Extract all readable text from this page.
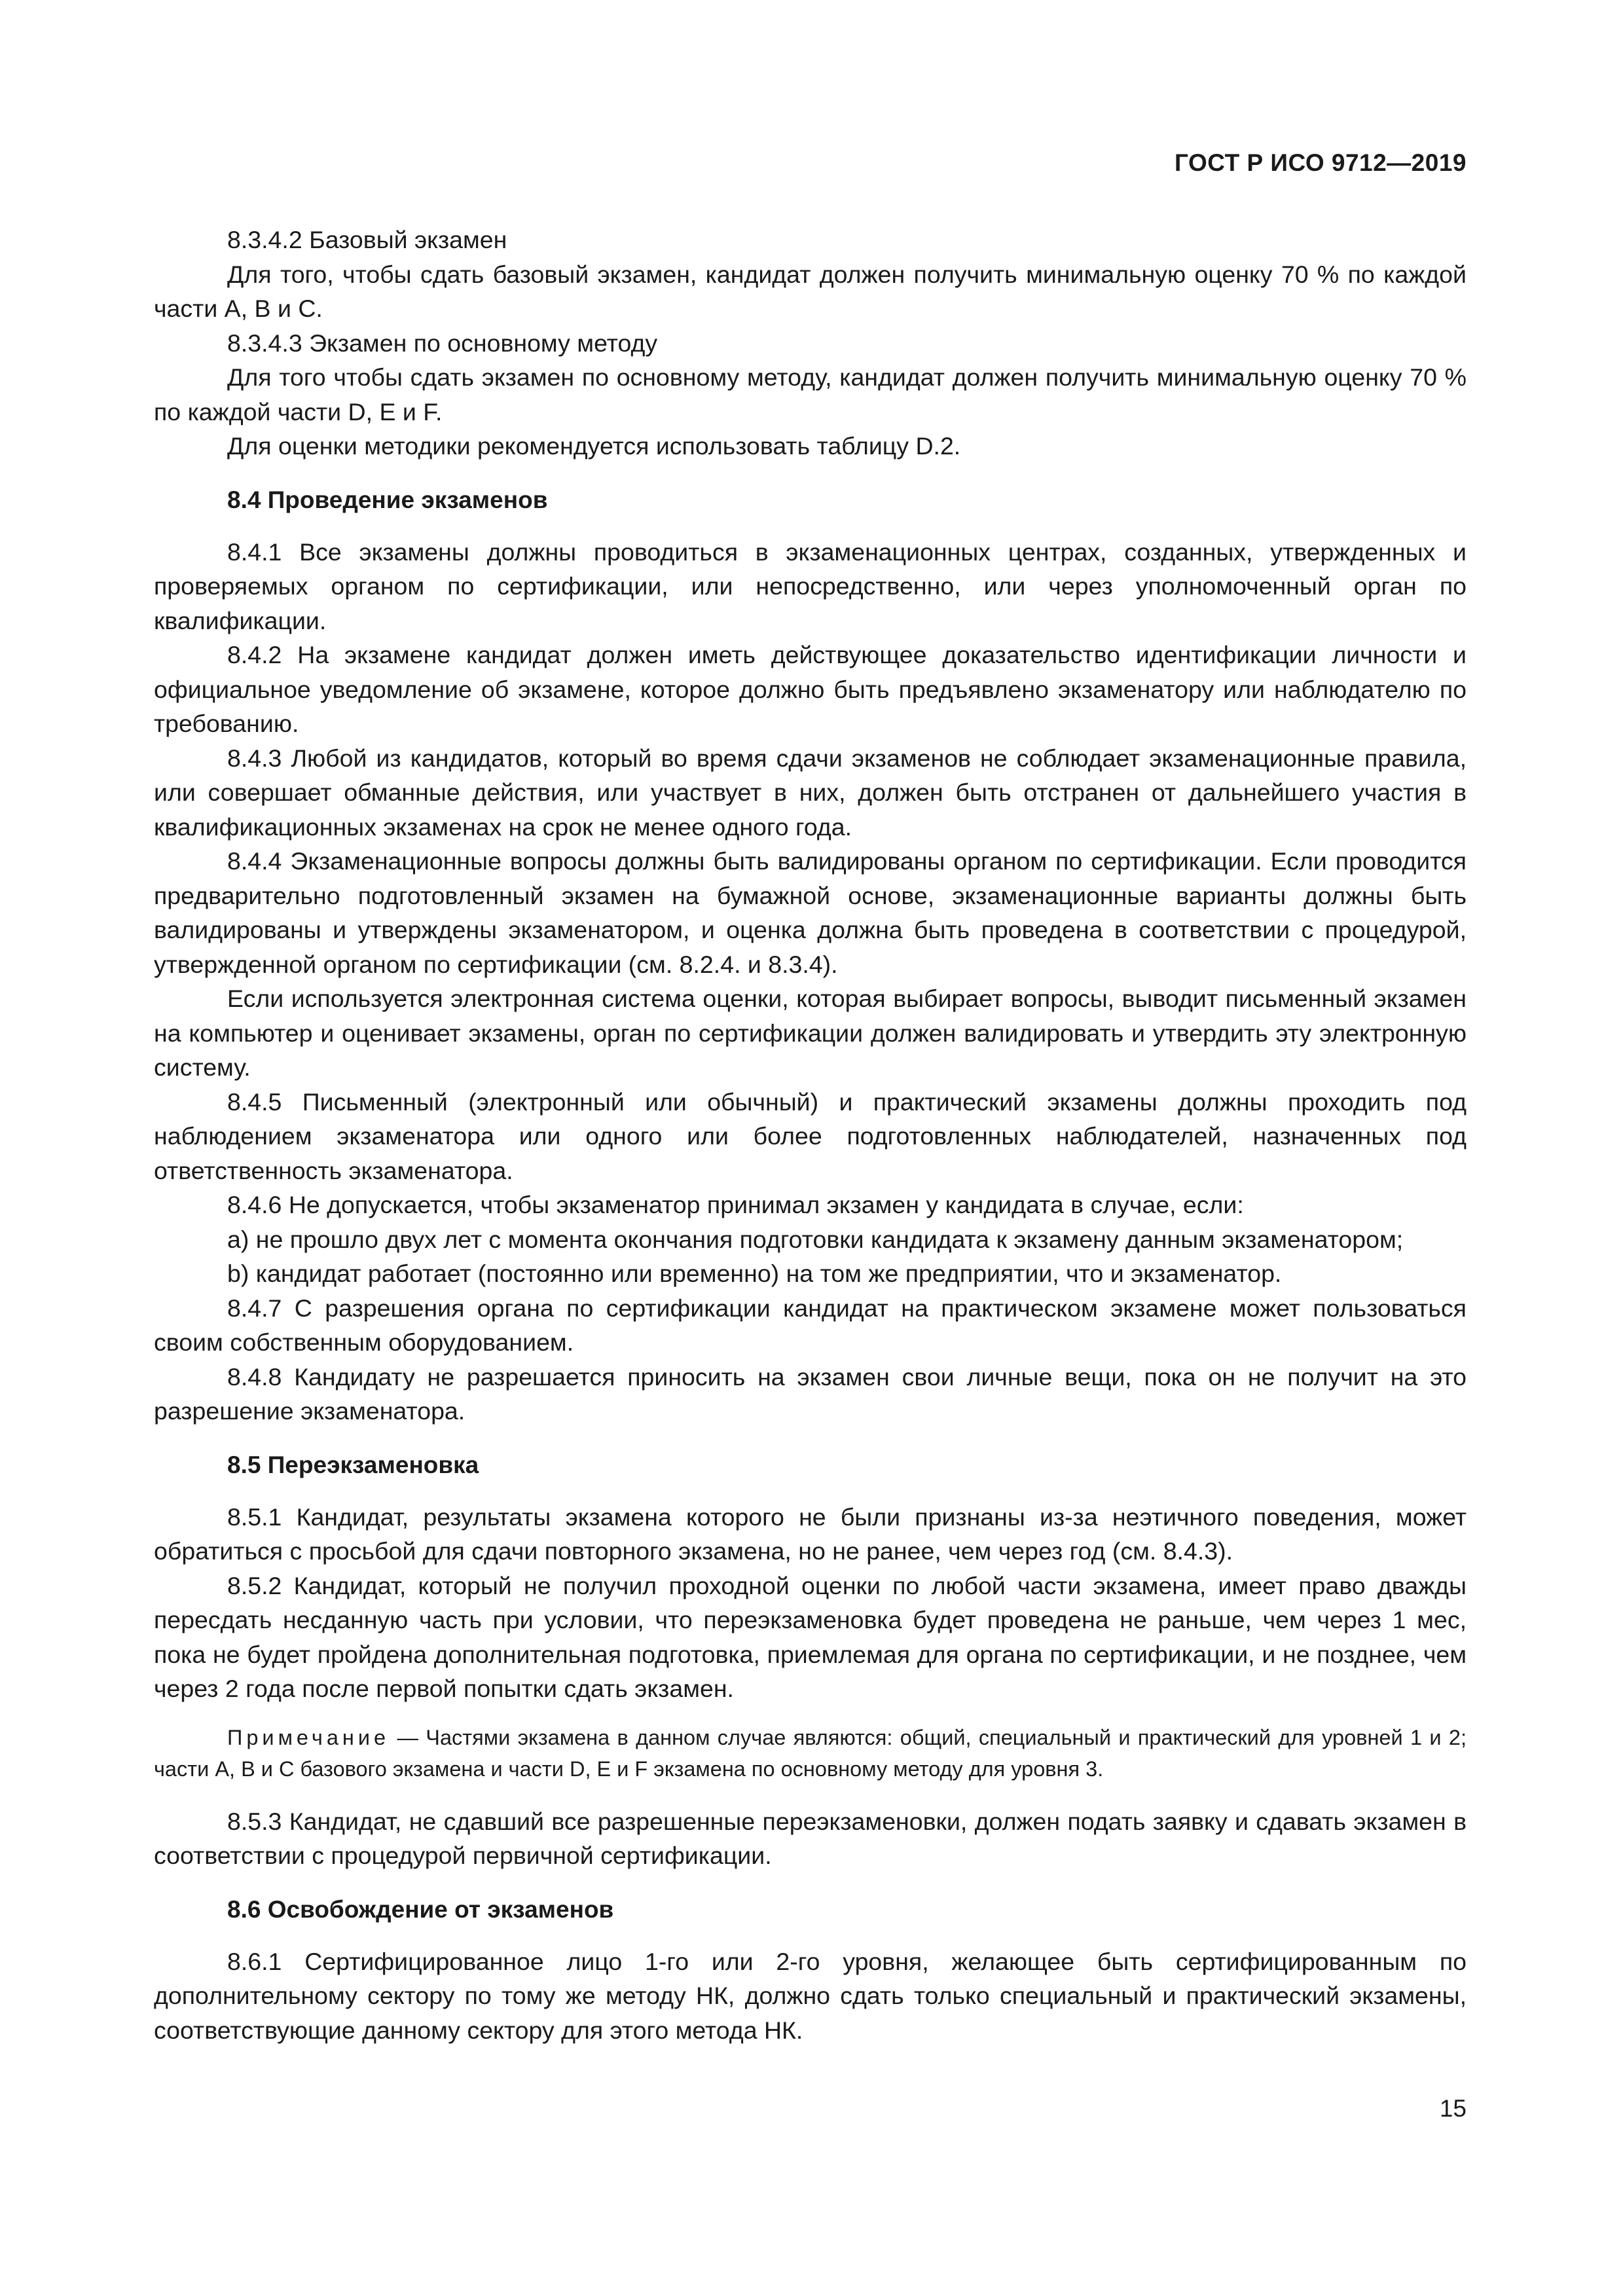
ГОСТ Р ИСО 9712—2019

8.3.4.2 Базовый экзамен

Для того, чтобы сдать базовый экзамен, кандидат должен получить минимальную оценку 70 % по каждой части А, В и С.

8.3.4.3 Экзамен по основному методу

Для того чтобы сдать экзамен по основному методу, кандидат должен получить минимальную оценку 70 % по каждой части D, Е и F.

Для оценки методики рекомендуется использовать таблицу D.2.

8.4 Проведение экзаменов

8.4.1 Все экзамены должны проводиться в экзаменационных центрах, созданных, утвержденных и проверяемых органом по сертификации, или непосредственно, или через уполномоченный орган по квалификации.

8.4.2 На экзамене кандидат должен иметь действующее доказательство идентификации личности и официальное уведомление об экзамене, которое должно быть предъявлено экзаменатору или наблюдателю по требованию.

8.4.3 Любой из кандидатов, который во время сдачи экзаменов не соблюдает экзаменационные правила, или совершает обманные действия, или участвует в них, должен быть отстранен от дальнейшего участия в квалификационных экзаменах на срок не менее одного года.

8.4.4 Экзаменационные вопросы должны быть валидированы органом по сертификации. Если проводится предварительно подготовленный экзамен на бумажной основе, экзаменационные варианты должны быть валидированы и утверждены экзаменатором, и оценка должна быть проведена в соответствии с процедурой, утвержденной органом по сертификации (см. 8.2.4. и 8.3.4).

Если используется электронная система оценки, которая выбирает вопросы, выводит письменный экзамен на компьютер и оценивает экзамены, орган по сертификации должен валидировать и утвердить эту электронную систему.

8.4.5 Письменный (электронный или обычный) и практический экзамены должны проходить под наблюдением экзаменатора или одного или более подготовленных наблюдателей, назначенных под ответственность экзаменатора.

8.4.6 Не допускается, чтобы экзаменатор принимал экзамен у кандидата в случае, если:

а) не прошло двух лет с момента окончания подготовки кандидата к экзамену данным экзаменатором;

b) кандидат работает (постоянно или временно) на том же предприятии, что и экзаменатор.

8.4.7 С разрешения органа по сертификации кандидат на практическом экзамене может пользоваться своим собственным оборудованием.

8.4.8 Кандидату не разрешается приносить на экзамен свои личные вещи, пока он не получит на это разрешение экзаменатора.

8.5 Переэкзаменовка

8.5.1 Кандидат, результаты экзамена которого не были признаны из-за неэтичного поведения, может обратиться с просьбой для сдачи повторного экзамена, но не ранее, чем через год (см. 8.4.3).

8.5.2 Кандидат, который не получил проходной оценки по любой части экзамена, имеет право дважды пересдать несданную часть при условии, что переэкзаменовка будет проведена не раньше, чем через 1 мес, пока не будет пройдена дополнительная подготовка, приемлемая для органа по сертификации, и не позднее, чем через 2 года после первой попытки сдать экзамен.

Примечание — Частями экзамена в данном случае являются: общий, специальный и практический для уровней 1 и 2; части А, В и С базового экзамена и части D, Е и F экзамена по основному методу для уровня 3.

8.5.3 Кандидат, не сдавший все разрешенные переэкзаменовки, должен подать заявку и сдавать экзамен в соответствии с процедурой первичной сертификации.

8.6 Освобождение от экзаменов

8.6.1 Сертифицированное лицо 1-го или 2-го уровня, желающее быть сертифицированным по дополнительному сектору по тому же методу НК, должно сдать только специальный и практический экзамены, соответствующие данному сектору для этого метода НК.

15
